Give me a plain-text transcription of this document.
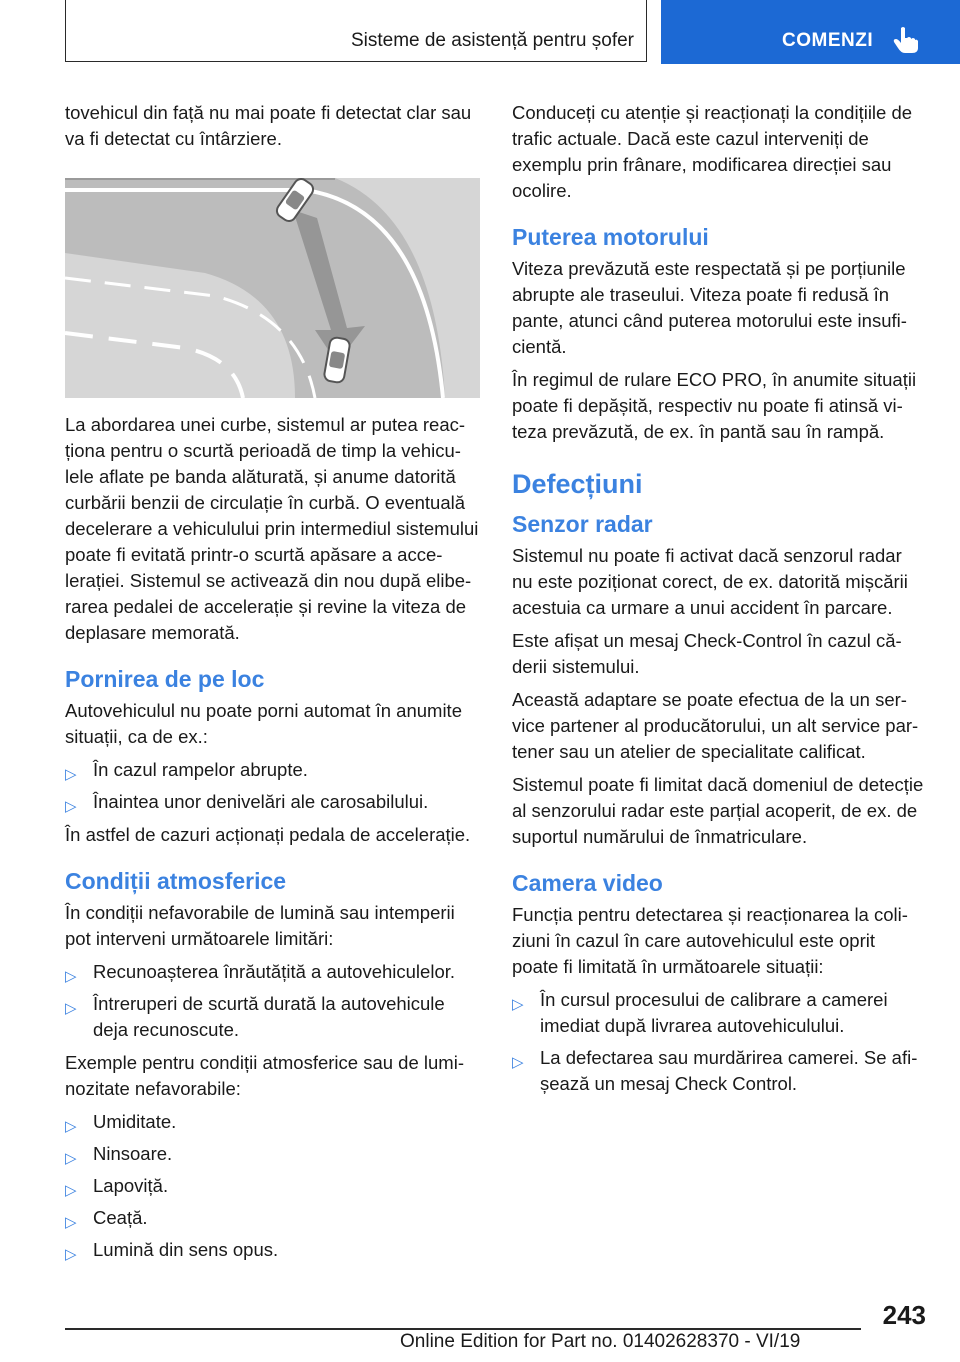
Sisteme de asistență pentru șofer	COMENZI

tovehicul din față nu mai poate fi detectat clar sau va fi detectat cu întârziere.

La abordarea unei curbe, sistemul ar putea reacționa pentru o scurtă perioadă de timp la vehiculele aflate pe banda alăturată, și anume datorită curbării benzii de circulație în curbă. O eventuală decelerare a vehiculului prin intermediul sistemului poate fi evitată printr-o scurtă apăsare a accelerației. Sistemul se activează din nou după eliberarea pedalei de accelerație și revine la viteza de deplasare memorată.

Pornirea de pe loc

Autovehiculul nu poate porni automat în anumite situații, ca de ex.:

▷ În cazul rampelor abrupte.
▷ Înaintea unor denivelări ale carosabilului.

În astfel de cazuri acționați pedala de accelerație.

Condiții atmosferice

În condiții nefavorabile de lumină sau intemperii pot interveni următoarele limitări:

▷ Recunoașterea înrăutățită a autovehiculelor.
▷ Întreruperi de scurtă durată la autovehicule deja recunoscute.

Exemple pentru condiții atmosferice sau de luminozitate nefavorabile:

▷ Umiditate.
▷ Ninsoare.
▷ Lapoviță.
▷ Ceață.
▷ Lumină din sens opus.

Conduceți cu atenție și reacționați la condițiile de trafic actuale. Dacă este cazul interveniți de exemplu prin frânare, modificarea direcției sau ocolire.

Puterea motorului

Viteza prevăzută este respectată și pe porțiunile abrupte ale traseului. Viteza poate fi redusă în pante, atunci când puterea motorului este insuficientă.

În regimul de rulare ECO PRO, în anumite situații poate fi depășită, respectiv nu poate fi atinsă viteza prevăzută, de ex. în pantă sau în rampă.

Defecțiuni
Senzor radar

Sistemul nu poate fi activat dacă senzorul radar nu este poziționat corect, de ex. datorită mișcării acestuia ca urmare a unui accident în parcare.

Este afișat un mesaj Check-Control în cazul căderii sistemului.

Această adaptare se poate efectua de la un service partener al producătorului, un alt service partener sau un atelier de specialitate calificat.

Sistemul poate fi limitat dacă domeniul de detecție al senzorului radar este parțial acoperit, de ex. de suportul numărului de înmatriculare.

Camera video

Funcția pentru detectarea și reacționarea la coliziuni în cazul în care autovehiculul este oprit poate fi limitată în următoarele situații:

▷ În cursul procesului de calibrare a camerei imediat după livrarea autovehiculului.
▷ La defectarea sau murdărirea camerei. Se afișează un mesaj Check Control.
243
Online Edition for Part no. 01402628370 - VI/19
